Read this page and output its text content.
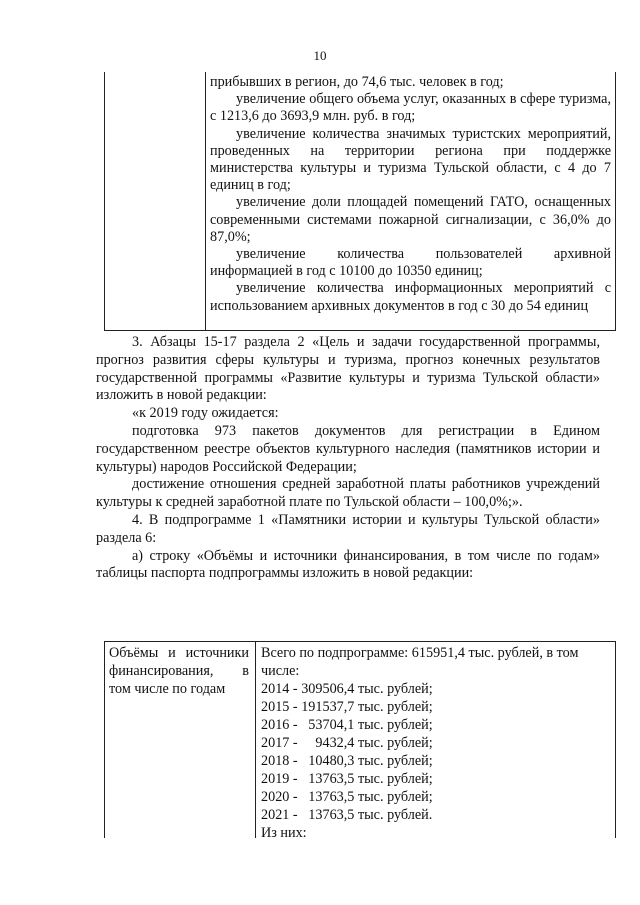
10

прибывших в регион, до 74,6 тыс. человек в год;

увеличение общего объема услуг, оказанных в сфере туризма, с 1213,6 до 3693,9 млн. руб. в год;

увеличение количества значимых туристских мероприятий, проведенных на территории региона при поддержке министерства культуры и туризма Тульской области, с 4 до 7 единиц в год;

увеличение доли площадей помещений ГАТО, оснащенных современными системами пожарной сигнализации, с 36,0% до 87,0%;

увеличение количества пользователей архивной информацией в год с 10100 до 10350 единиц;

увеличение количества информационных мероприятий с использованием архивных документов в год с 30 до 54 единиц

3. Абзацы 15-17 раздела 2 «Цель и задачи государственной программы, прогноз развития сферы культуры и туризма, прогноз конечных результатов государственной программы «Развитие культуры и туризма Тульской области» изложить в новой редакции:

«к 2019 году ожидается:

подготовка 973 пакетов документов для регистрации в Едином государственном реестре объектов культурного наследия (памятников истории и культуры) народов Российской Федерации;

достижение отношения средней заработной платы работников учреждений культуры к средней заработной плате по Тульской области – 100,0%;».

4. В подпрограмме 1 «Памятники истории и культуры Тульской области» раздела 6:

а) строку «Объёмы и источники финансирования, в том числе по годам» таблицы паспорта подпрограммы изложить в новой редакции:

Объёмы и источники финансирования, в том числе по годам
Всего по подпрограмме: 615951,4 тыс. рублей, в том числе:
2014 - 309506,4 тыс. рублей;
2015 - 191537,7 тыс. рублей;
2016 -   53704,1 тыс. рублей;
2017 -     9432,4 тыс. рублей;
2018 -   10480,3 тыс. рублей;
2019 -   13763,5 тыс. рублей;
2020 -   13763,5 тыс. рублей;
2021 -   13763,5 тыс. рублей.
Из них:
